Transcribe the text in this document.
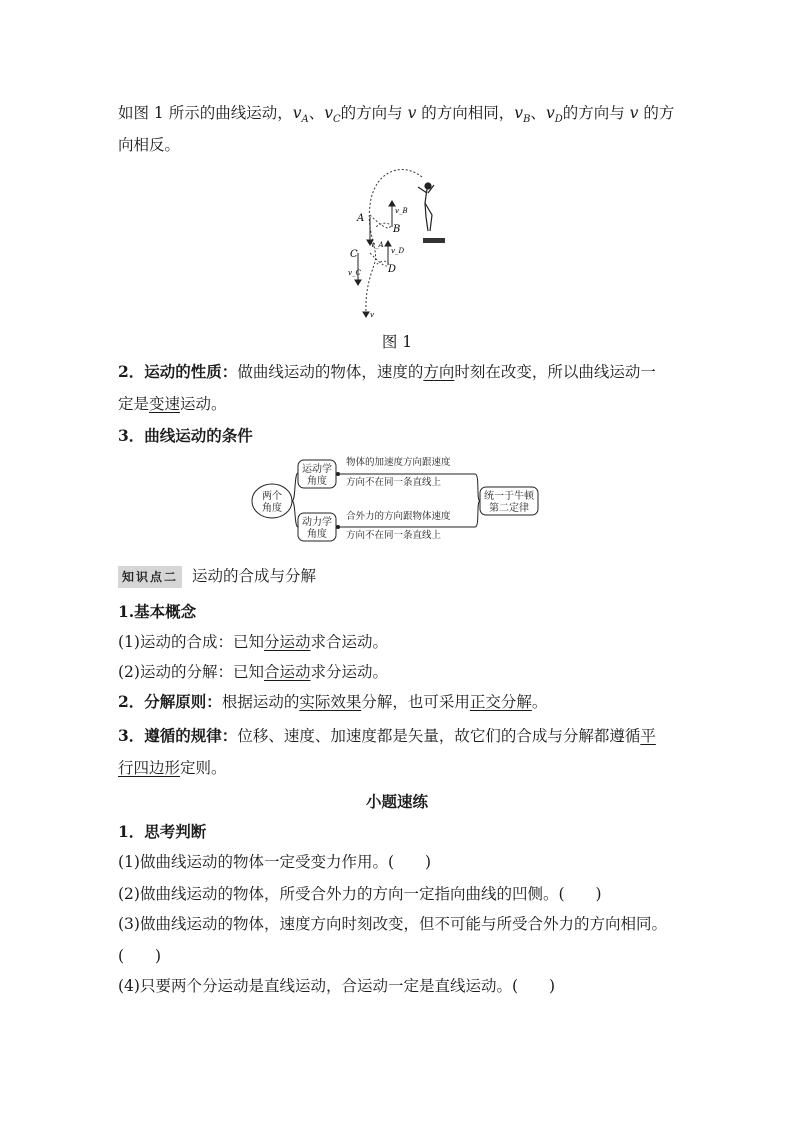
如图 1 所示的曲线运动，$v_A$、$v_C$的方向与 v 的方向相同，$v_B$、$v_D$的方向与 v 的方
向相反。
A
B
C
D
v_B
v_A
v_D
v_C
v
图 1
2．运动的性质：做曲线运动的物体，速度的方向时刻在改变，所以曲线运动一
定是变速运动。
3．曲线运动的条件
两个
角度
运动学
角度
动力学
角度
统一于牛顿
第二定律
物体的加速度方向跟速度
方向不在同一条直线上
合外力的方向跟物体速度
方向不在同一条直线上
知识点二 运动的合成与分解
1.基本概念
(1)运动的合成：已知分运动求合运动。
(2)运动的分解：已知合运动求分运动。
2．分解原则：根据运动的实际效果分解，也可采用正交分解。
3．遵循的规律：位移、速度、加速度都是矢量，故它们的合成与分解都遵循平
行四边形定则。
小题速练
1．思考判断
(1)做曲线运动的物体一定受变力作用。(　　)
(2)做曲线运动的物体，所受合外力的方向一定指向曲线的凹侧。(　　)
(3)做曲线运动的物体，速度方向时刻改变，但不可能与所受合外力的方向相同。
(　　)
(4)只要两个分运动是直线运动，合运动一定是直线运动。(　　)
